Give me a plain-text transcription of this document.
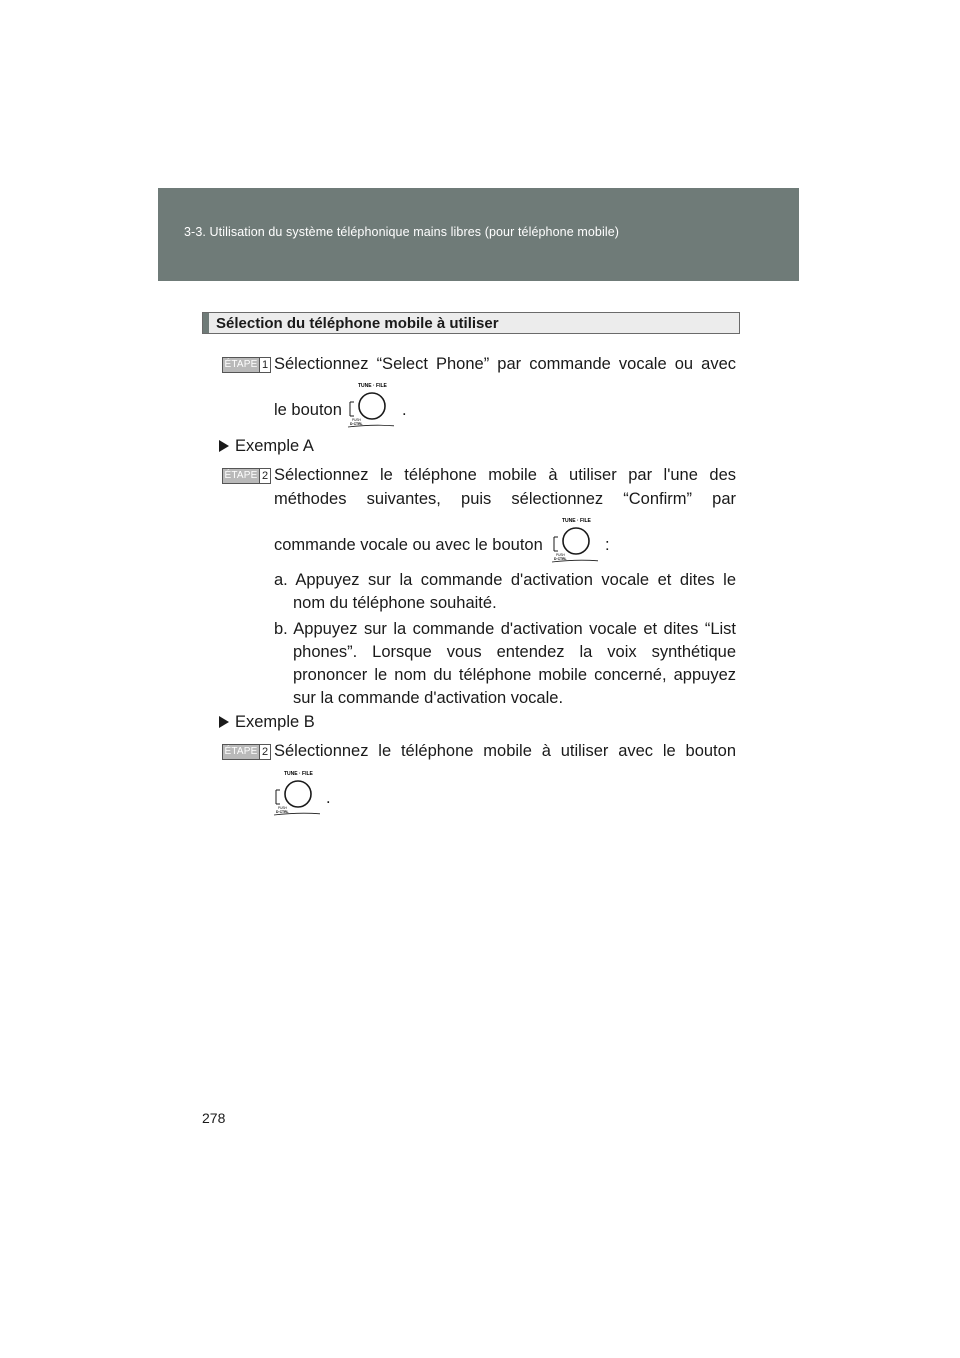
3-3. Utilisation du système téléphonique mains libres (pour téléphone mobile)
Sélection du téléphone mobile à utiliser
ÉTAPE 1 Sélectionnez “Select Phone” par commande vocale ou avec
le bouton
TUNE · FILE
PUSH
D·CTRL
.
Exemple A
ÉTAPE 2 Sélectionnez le téléphone mobile à utiliser par l'une des
méthodes suivantes, puis sélectionnez “Confirm” par
commande vocale ou avec le bouton
TUNE · FILE
PUSH
D·CTRL
:
a. Appuyez sur la commande d'activation vocale et dites le
nom du téléphone souhaité.
b. Appuyez sur la commande d'activation vocale et dites “List
phones”. Lorsque vous entendez la voix synthétique
prononcer le nom du téléphone mobile concerné, appuyez
sur la commande d'activation vocale.
Exemple B
ÉTAPE 2 Sélectionnez le téléphone mobile à utiliser avec le bouton
TUNE · FILE
PUSH
D·CTRL
.
278
